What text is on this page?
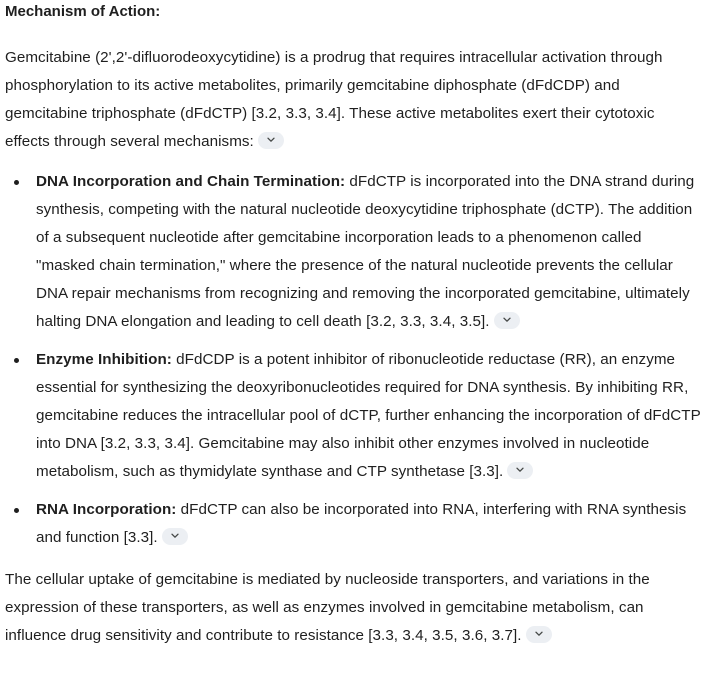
Mechanism of Action:

Gemcitabine (2',2'-difluorodeoxycytidine) is a prodrug that requires intracellular activation through phosphorylation to its active metabolites, primarily gemcitabine diphosphate (dFdCDP) and gemcitabine triphosphate (dFdCTP) [3.2, 3.3, 3.4]. These active metabolites exert their cytotoxic effects through several mechanisms:

DNA Incorporation and Chain Termination: dFdCTP is incorporated into the DNA strand during synthesis, competing with the natural nucleotide deoxycytidine triphosphate (dCTP). The addition of a subsequent nucleotide after gemcitabine incorporation leads to a phenomenon called "masked chain termination," where the presence of the natural nucleotide prevents the cellular DNA repair mechanisms from recognizing and removing the incorporated gemcitabine, ultimately halting DNA elongation and leading to cell death [3.2, 3.3, 3.4, 3.5].
Enzyme Inhibition: dFdCDP is a potent inhibitor of ribonucleotide reductase (RR), an enzyme essential for synthesizing the deoxyribonucleotides required for DNA synthesis. By inhibiting RR, gemcitabine reduces the intracellular pool of dCTP, further enhancing the incorporation of dFdCTP into DNA [3.2, 3.3, 3.4]. Gemcitabine may also inhibit other enzymes involved in nucleotide metabolism, such as thymidylate synthase and CTP synthetase [3.3].
RNA Incorporation: dFdCTP can also be incorporated into RNA, interfering with RNA synthesis and function [3.3].

The cellular uptake of gemcitabine is mediated by nucleoside transporters, and variations in the expression of these transporters, as well as enzymes involved in gemcitabine metabolism, can influence drug sensitivity and contribute to resistance [3.3, 3.4, 3.5, 3.6, 3.7].
